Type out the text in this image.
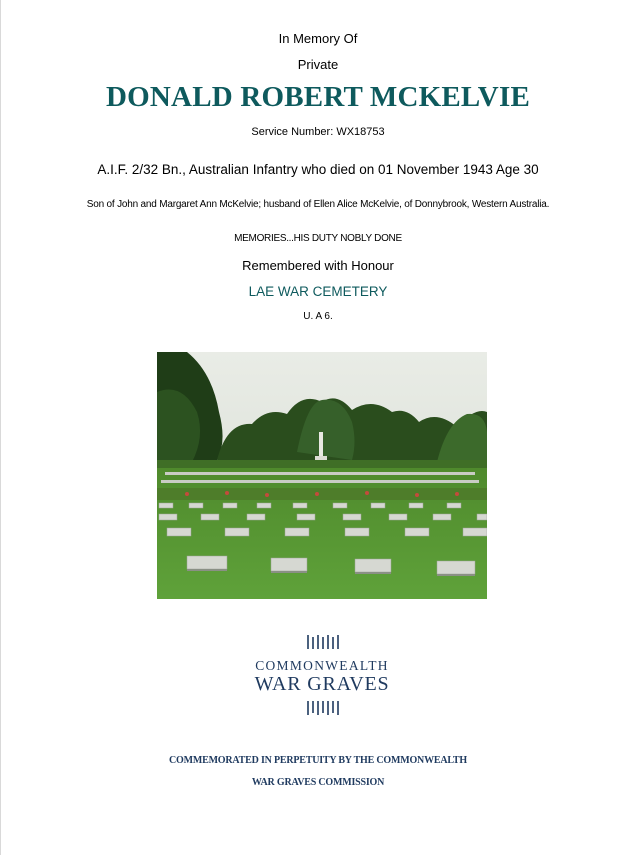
In Memory Of
Private
DONALD ROBERT MCKELVIE
Service Number: WX18753
A.I.F. 2/32 Bn., Australian Infantry who died on 01 November 1943 Age 30
Son of John and Margaret Ann McKelvie; husband of Ellen Alice McKelvie, of Donnybrook, Western Australia.
MEMORIES...HIS DUTY NOBLY DONE
Remembered with Honour
LAE WAR CEMETERY
U. A 6.
COMMONWEALTH
WAR GRAVES
COMMEMORATED IN PERPETUITY BY THE COMMONWEALTH
WAR GRAVES COMMISSION
